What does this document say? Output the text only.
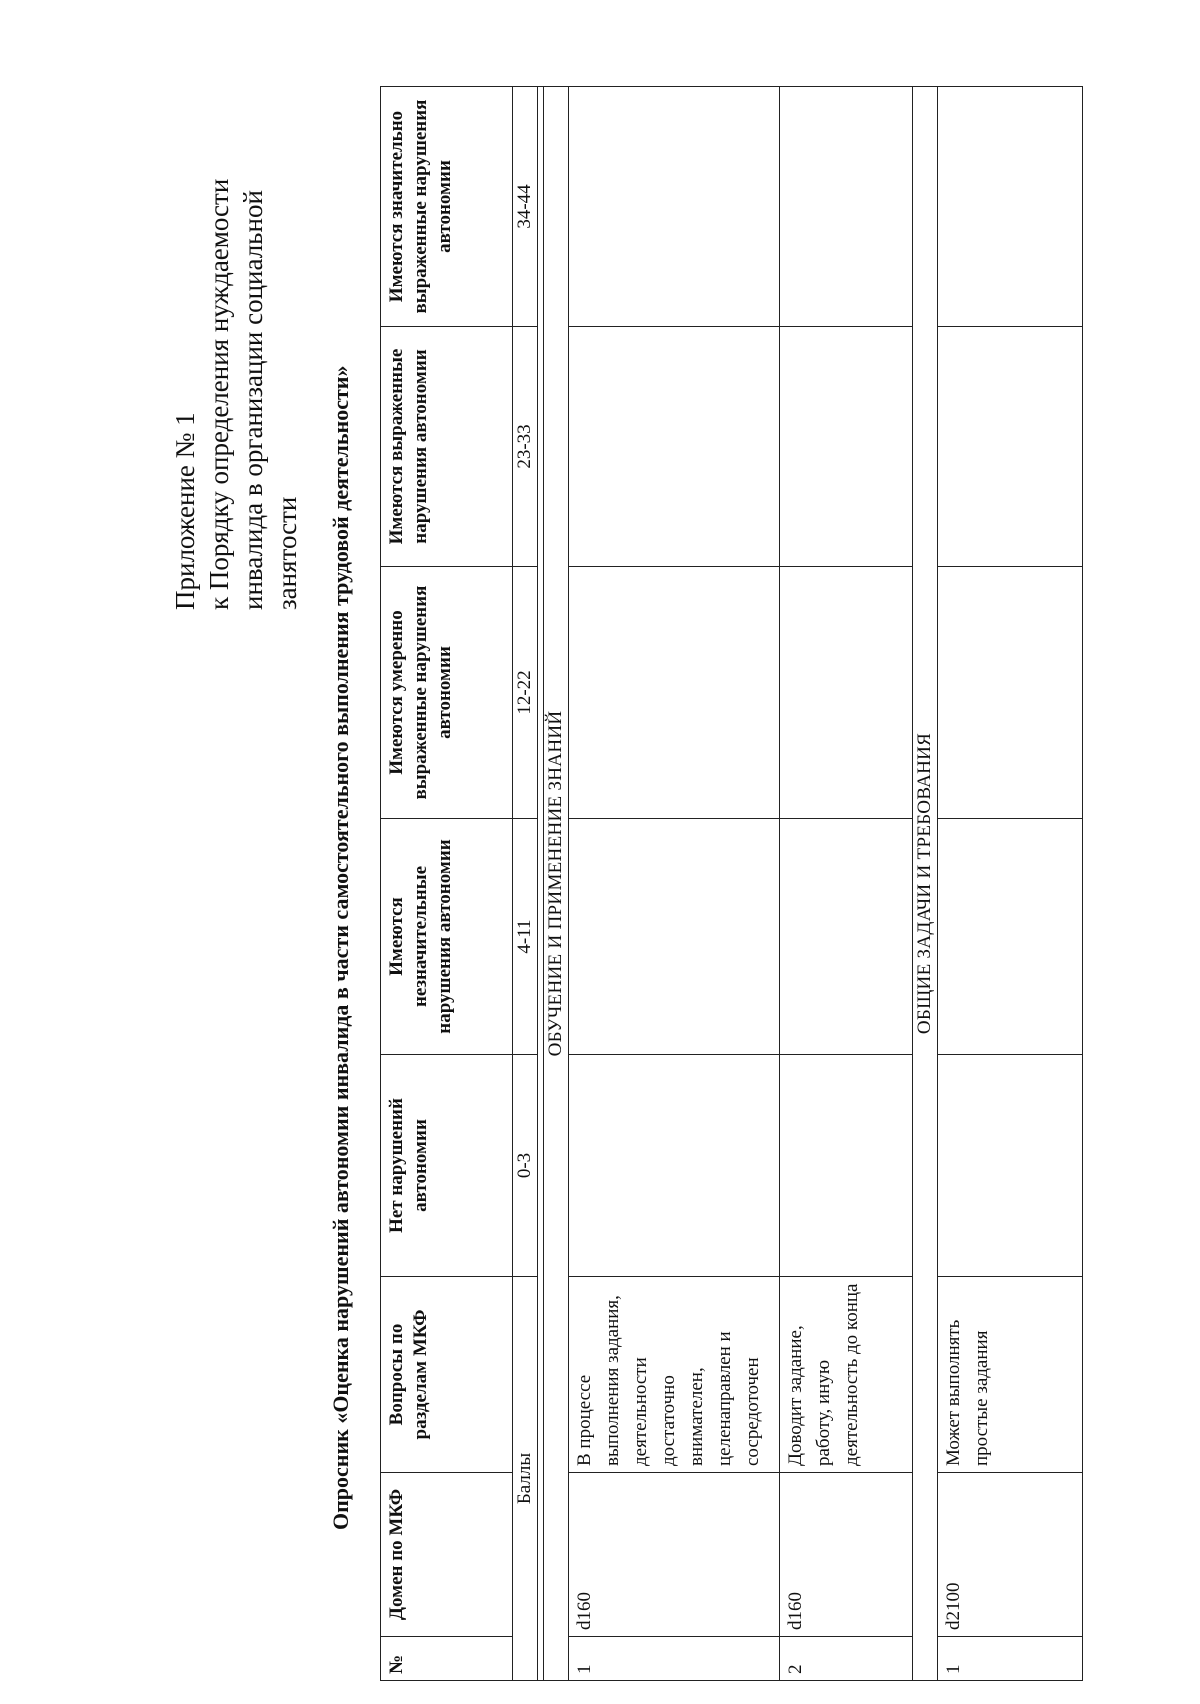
Приложение № 1 к Порядку определения нуждаемости инвалида в организации социальной занятости Опросник «Оценка нарушений автономии инвалида в части самостоятельного выполнения трудовой деятельности»
№	Домен по МКФ	Вопросы по разделам МКФ	Нет нарушений автономии	Имеются незначительные нарушения автономии	Имеются умеренно выраженные нарушения автономии	Имеются выраженные нарушения автономии	Имеются значительно выраженные нарушения автономии
Баллы			0-3	4-11	12-22	23-33	34-44

ОБУЧЕНИЕ И ПРИМЕНЕНИЕ ЗНАНИЙ							
1	d160	В процессе выполнения задания, деятельности достаточно внимателен, целенаправлен и сосредоточен					
2	d160	Доводит задание, работу, иную деятельность до конца					
ОБЩИЕ ЗАДАЧИ И ТРЕБОВАНИЯ							
1	d2100	Может выполнять простые задания					
